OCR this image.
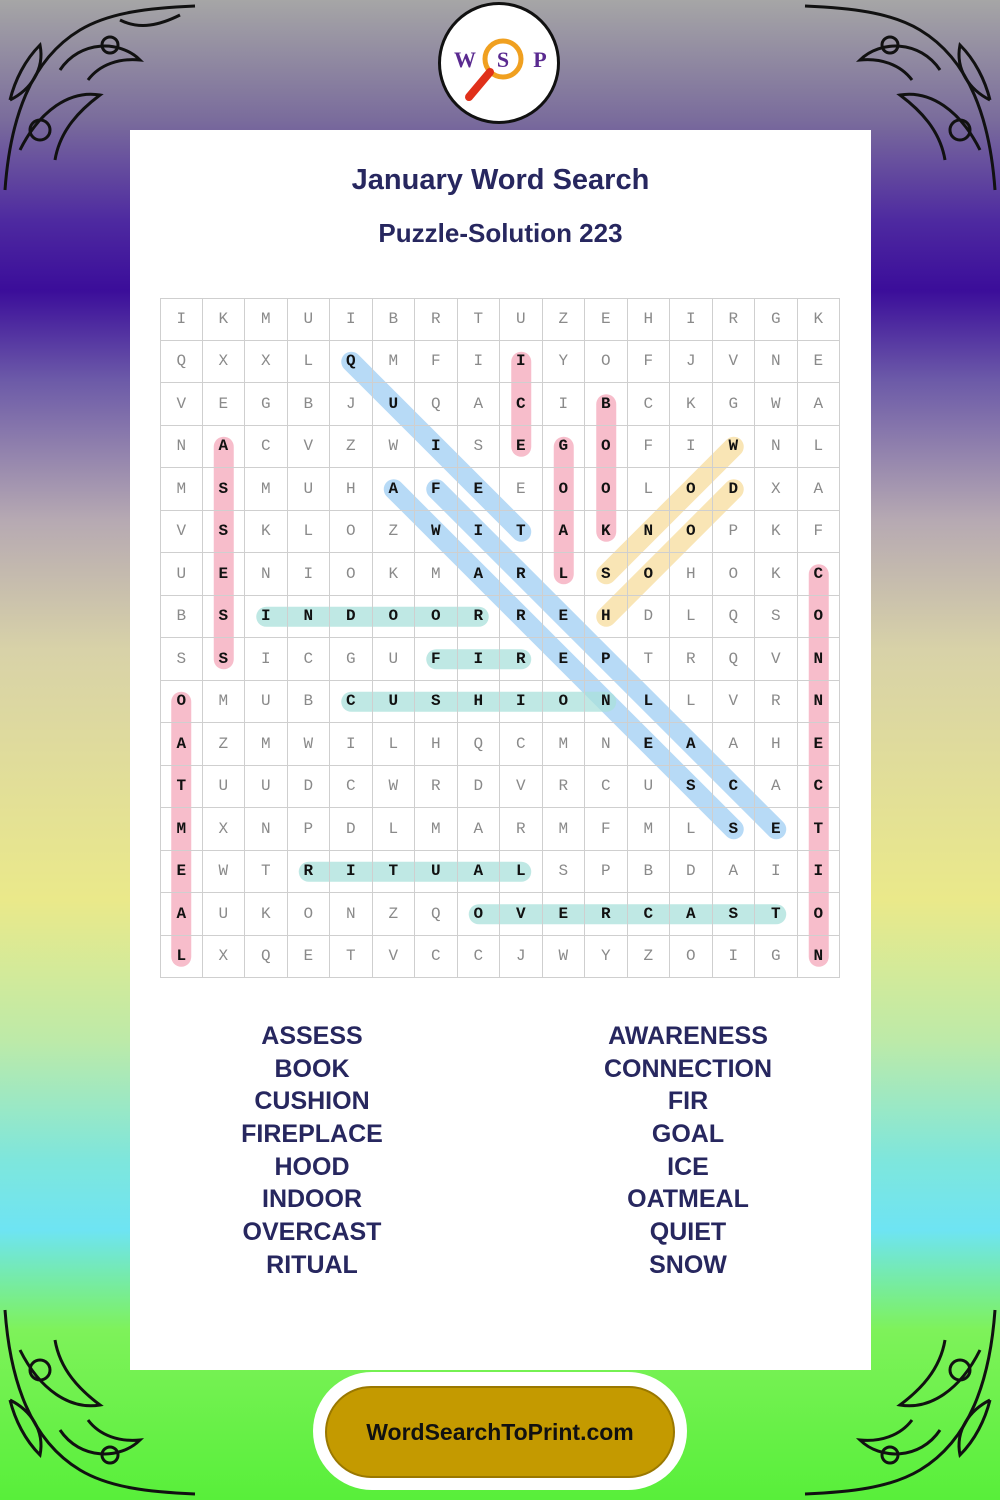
W S P
January Word Search
Puzzle-Solution 223
I	K	M	U	I	B	R	T	U	Z	E	H	I	R	G	K
Q	X	X	L	Q	M	F	I	I	Y	O	F	J	V	N	E
V	E	G	B	J	U	Q	A	C	I	B	C	K	G	W	A
N	A	C	V	Z	W	I	S	E	G	O	F	I	W	N	L
M	S	M	U	H	A	F	E	E	O	O	L	O	D	X	A
V	S	K	L	O	Z	W	I	T	A	K	N	O	P	K	F
U	E	N	I	O	K	M	A	R	L	S	O	H	O	K	C
B	S	I	N	D	O	O	R	R	E	H	D	L	Q	S	O
S	S	I	C	G	U	F	I	R	E	P	T	R	Q	V	N
O	M	U	B	C	U	S	H	I	O	N	L	L	V	R	N
A	Z	M	W	I	L	H	Q	C	M	N	E	A	A	H	E
T	U	U	D	C	W	R	D	V	R	C	U	S	C	A	C
M	X	N	P	D	L	M	A	R	M	F	M	L	S	E	T
E	W	T	R	I	T	U	A	L	S	P	B	D	A	I	I
A	U	K	O	N	Z	Q	O	V	E	R	C	A	S	T	O
L	X	Q	E	T	V	C	C	J	W	Y	Z	O	I	G	N
ASSESS
BOOK
CUSHION
FIREPLACE
HOOD
INDOOR
OVERCAST
RITUAL
AWARENESS
CONNECTION
FIR
GOAL
ICE
OATMEAL
QUIET
SNOW
WordSearchToPrint.com
